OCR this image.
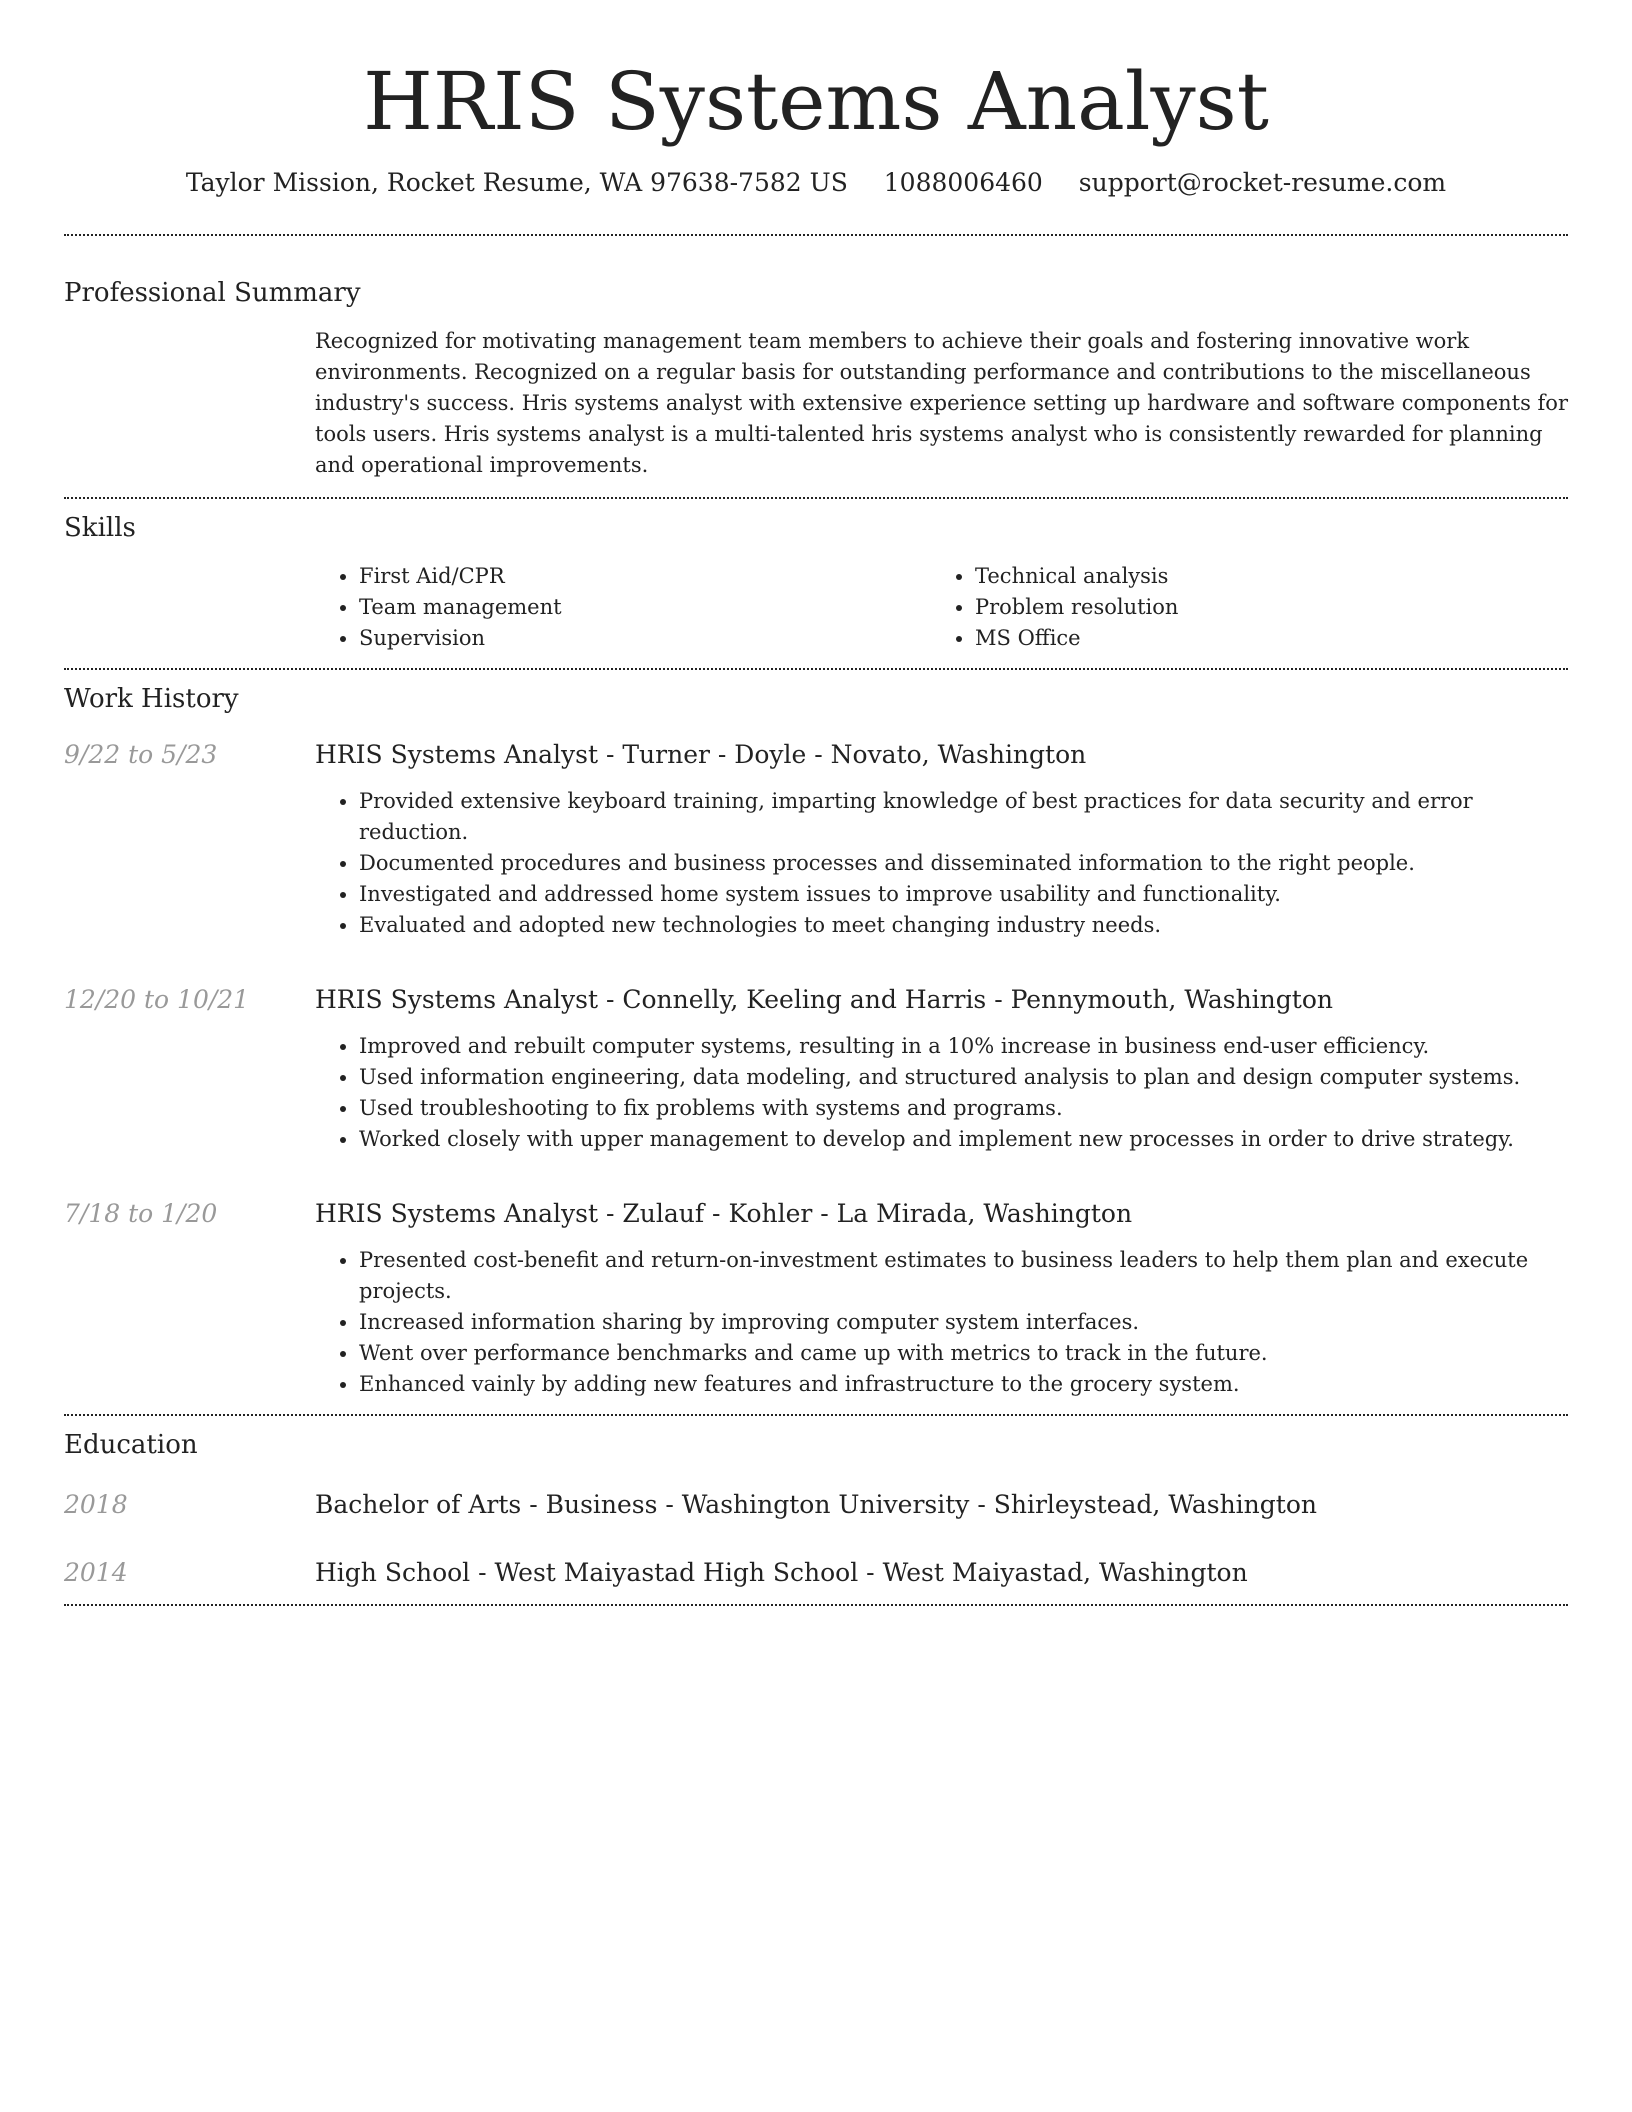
HRIS Systems Analyst
Taylor Mission, Rocket Resume, WA 97638-7582 US 1088006460 support@rocket-resume.com
Professional Summary
Recognized for motivating management team members to achieve their goals and fostering innovative work environments. Recognized on a regular basis for outstanding performance and contributions to the miscellaneous industry's success. Hris systems analyst with extensive experience setting up hardware and software components for tools users. Hris systems analyst is a multi-talented hris systems analyst who is consistently rewarded for planning and operational improvements.
Skills
• First Aid/CPR
• Team management
• Supervision
• Technical analysis
• Problem resolution
• MS Office
Work History
9/22 to 5/23	HRIS Systems Analyst - Turner - Doyle - Novato, Washington
• Provided extensive keyboard training, imparting knowledge of best practices for data security and error reduction.
• Documented procedures and business processes and disseminated information to the right people.
• Investigated and addressed home system issues to improve usability and functionality.
• Evaluated and adopted new technologies to meet changing industry needs.
12/20 to 10/21	HRIS Systems Analyst - Connelly, Keeling and Harris - Pennymouth, Washington
• Improved and rebuilt computer systems, resulting in a 10% increase in business end-user efficiency.
• Used information engineering, data modeling, and structured analysis to plan and design computer systems.
• Used troubleshooting to fix problems with systems and programs.
• Worked closely with upper management to develop and implement new processes in order to drive strategy.
7/18 to 1/20	HRIS Systems Analyst - Zulauf - Kohler - La Mirada, Washington
• Presented cost-benefit and return-on-investment estimates to business leaders to help them plan and execute projects.
• Increased information sharing by improving computer system interfaces.
• Went over performance benchmarks and came up with metrics to track in the future.
• Enhanced vainly by adding new features and infrastructure to the grocery system.
Education
2018	Bachelor of Arts - Business - Washington University - Shirleystead, Washington
2014	High School - West Maiyastad High School - West Maiyastad, Washington
